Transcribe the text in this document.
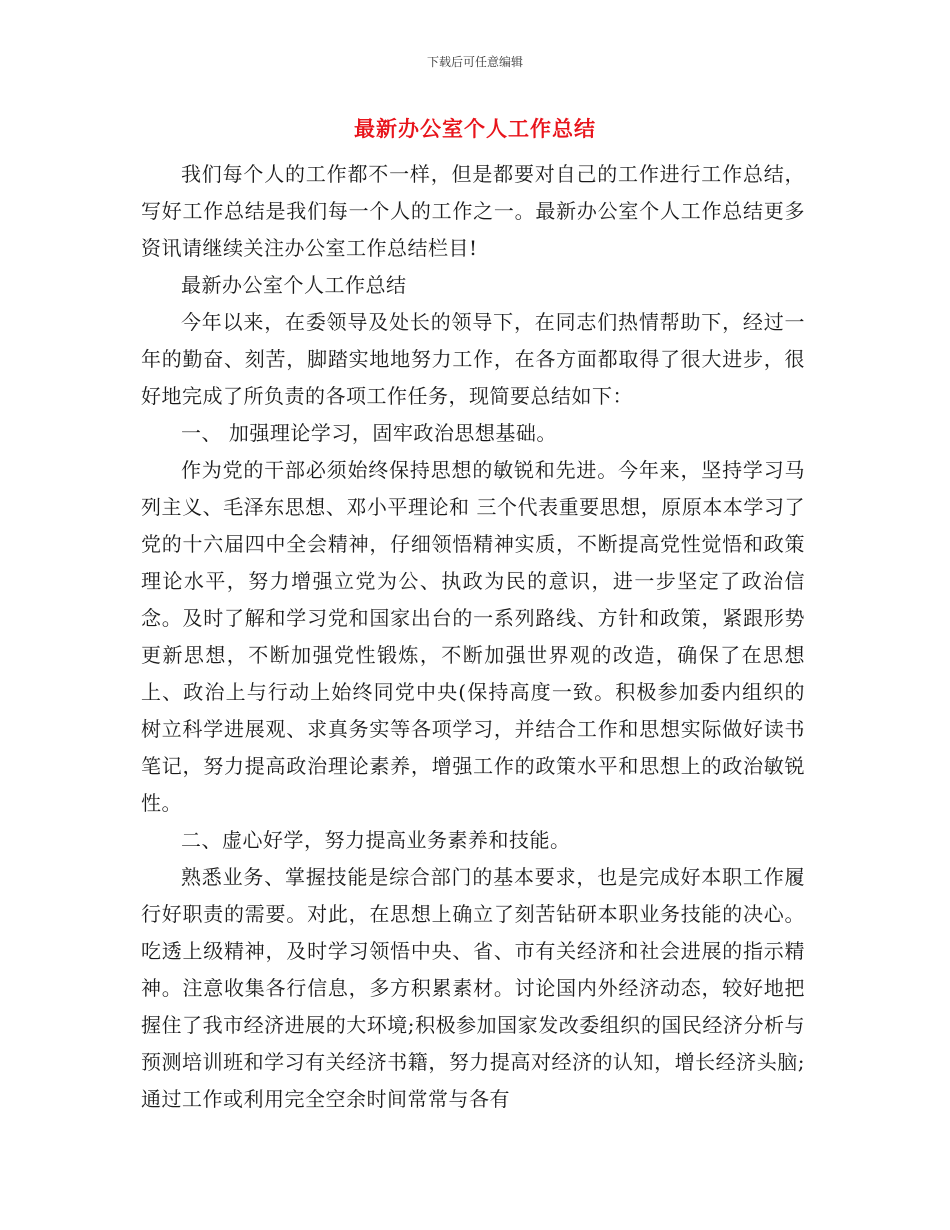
下载后可任意编辑
最新办公室个人工作总结

我们每个人的工作都不一样，但是都要对自己的工作进行工作总结，写好工作总结是我们每一个人的工作之一。最新办公室个人工作总结更多资讯请继续关注办公室工作总结栏目!

最新办公室个人工作总结

今年以来，在委领导及处长的领导下，在同志们热情帮助下，经过一年的勤奋、刻苦，脚踏实地地努力工作，在各方面都取得了很大进步，很好地完成了所负责的各项工作任务，现简要总结如下：

一、 加强理论学习，固牢政治思想基础。

作为党的干部必须始终保持思想的敏锐和先进。今年来，坚持学习马列主义、毛泽东思想、邓小平理论和 三个代表重要思想，原原本本学习了党的十六届四中全会精神，仔细领悟精神实质，不断提高党性觉悟和政策理论水平，努力增强立党为公、执政为民的意识，进一步坚定了政治信念。及时了解和学习党和国家出台的一系列路线、方针和政策，紧跟形势更新思想，不断加强党性锻炼，不断加强世界观的改造，确保了在思想上、政治上与行动上始终同党中央(保持高度一致。积极参加委内组织的树立科学进展观、求真务实等各项学习，并结合工作和思想实际做好读书笔记，努力提高政治理论素养，增强工作的政策水平和思想上的政治敏锐性。

二、虚心好学，努力提高业务素养和技能。

熟悉业务、掌握技能是综合部门的基本要求，也是完成好本职工作履行好职责的需要。对此，在思想上确立了刻苦钻研本职业务技能的决心。吃透上级精神，及时学习领悟中央、省、市有关经济和社会进展的指示精神。注意收集各行信息，多方积累素材。讨论国内外经济动态，较好地把握住了我市经济进展的大环境;积极参加国家发改委组织的国民经济分析与预测培训班和学习有关经济书籍，努力提高对经济的认知，增长经济头脑;通过工作或利用完全空余时间常常与各有
